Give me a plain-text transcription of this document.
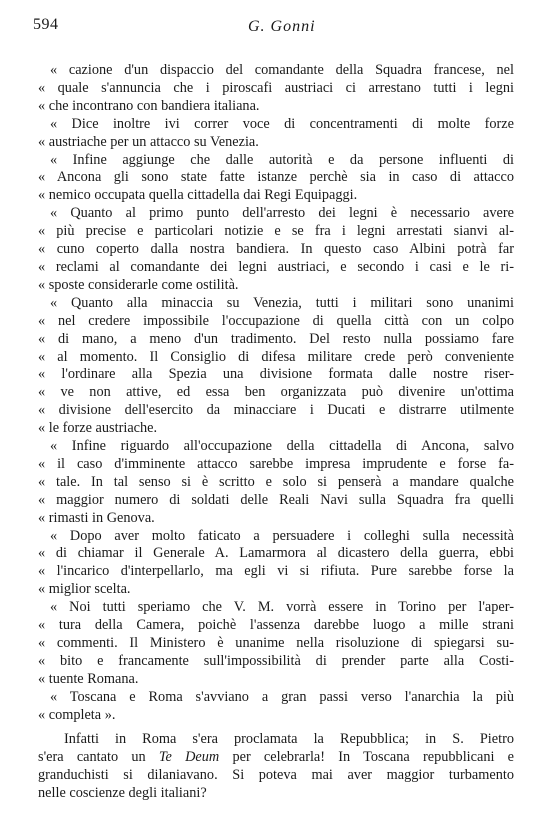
594	G. Gonni

« cazione d'un dispaccio del comandante della Squadra francese, nel
« quale s'annuncia che i piroscafi austriaci ci arrestano tutti i legni
« che incontrano con bandiera italiana.

« Dice inoltre ivi correr voce di concentramenti di molte forze
« austriache per un attacco su Venezia.

« Infine aggiunge che dalle autorità e da persone influenti di
« Ancona gli sono state fatte istanze perchè sia in caso di attacco
« nemico occupata quella cittadella dai Regi Equipaggi.

« Quanto al primo punto dell'arresto dei legni è necessario avere
« più precise e particolari notizie e se fra i legni arrestati sianvi al-
« cuno coperto dalla nostra bandiera. In questo caso Albini potrà far
« reclami al comandante dei legni austriaci, e secondo i casi e le ri-
« sposte considerarle come ostilità.

« Quanto alla minaccia su Venezia, tutti i militari sono unanimi
« nel credere impossibile l'occupazione di quella città con un colpo
« di mano, a meno d'un tradimento. Del resto nulla possiamo fare
« al momento. Il Consiglio di difesa militare crede però conveniente
« l'ordinare alla Spezia una divisione formata dalle nostre riser-
« ve non attive, ed essa ben organizzata può divenire un'ottima
« divisione dell'esercito da minacciare i Ducati e distrarre utilmente
« le forze austriache.

« Infine riguardo all'occupazione della cittadella di Ancona, salvo
« il caso d'imminente attacco sarebbe impresa imprudente e forse fa-
« tale. In tal senso si è scritto e solo si penserà a mandare qualche
« maggior numero di soldati delle Reali Navi sulla Squadra fra quelli
« rimasti in Genova.

« Dopo aver molto faticato a persuadere i colleghi sulla necessità
« di chiamar il Generale A. Lamarmora al dicastero della guerra, ebbi
« l'incarico d'interpellarlo, ma egli vi si rifiuta. Pure sarebbe forse la
« miglior scelta.

« Noi tutti speriamo che V. M. vorrà essere in Torino per l'aper-
« tura della Camera, poichè l'assenza darebbe luogo a mille strani
« commenti. Il Ministero è unanime nella risoluzione di spiegarsi su-
« bito e francamente sull'impossibilità di prender parte alla Costi-
« tuente Romana.

« Toscana e Roma s'avviano a gran passi verso l'anarchia la più
« completa ».

Infatti in Roma s'era proclamata la Repubblica; in S. Pietro
s'era cantato un Te Deum per celebrarla! In Toscana repubblicani e
granduchisti si dilaniavano. Si poteva mai aver maggior turbamento
nelle coscienze degli italiani?
